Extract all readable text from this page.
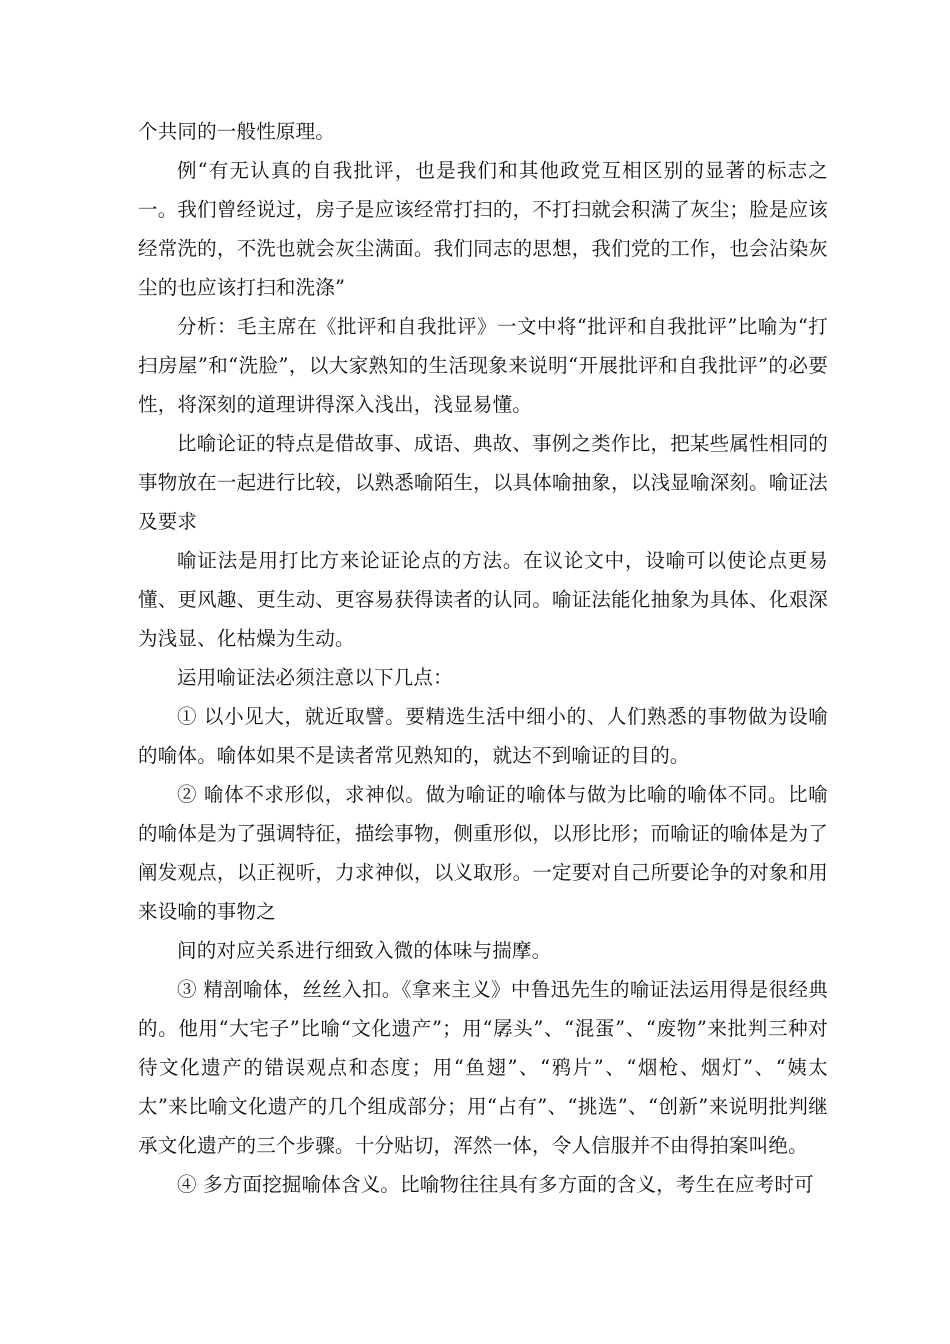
个共同的一般性原理。

例“有无认真的自我批评，也是我们和其他政党互相区别的显著的标志之一。我们曾经说过，房子是应该经常打扫的，不打扫就会积满了灰尘；脸是应该经常洗的，不洗也就会灰尘满面。我们同志的思想，我们党的工作，也会沾染灰尘的也应该打扫和洗涤”

分析：毛主席在《批评和自我批评》一文中将“批评和自我批评”比喻为“打扫房屋”和“洗脸”，以大家熟知的生活现象来说明“开展批评和自我批评”的必要性，将深刻的道理讲得深入浅出，浅显易懂。

比喻论证的特点是借故事、成语、典故、事例之类作比，把某些属性相同的事物放在一起进行比较，以熟悉喻陌生，以具体喻抽象，以浅显喻深刻。喻证法及要求

喻证法是用打比方来论证论点的方法。在议论文中，设喻可以使论点更易懂、更风趣、更生动、更容易获得读者的认同。喻证法能化抽象为具体、化艰深为浅显、化枯燥为生动。

运用喻证法必须注意以下几点：

① 以小见大，就近取譬。要精选生活中细小的、人们熟悉的事物做为设喻的喻体。喻体如果不是读者常见熟知的，就达不到喻证的目的。

② 喻体不求形似，求神似。做为喻证的喻体与做为比喻的喻体不同。比喻的喻体是为了强调特征，描绘事物，侧重形似，以形比形；而喻证的喻体是为了阐发观点，以正视听，力求神似，以义取形。一定要对自己所要论争的对象和用来设喻的事物之

间的对应关系进行细致入微的体味与揣摩。

③ 精剖喻体，丝丝入扣。《拿来主义》中鲁迅先生的喻证法运用得是很经典的。他用“大宅子”比喻“文化遗产”；用“孱头”、“混蛋”、“废物”来批判三种对待文化遗产的错误观点和态度；用“鱼翅”、“鸦片”、“烟枪、烟灯”、“姨太太”来比喻文化遗产的几个组成部分；用“占有”、“挑选”、“创新”来说明批判继承文化遗产的三个步骤。十分贴切，浑然一体，令人信服并不由得拍案叫绝。

④ 多方面挖掘喻体含义。比喻物往往具有多方面的含义，考生在应考时可
